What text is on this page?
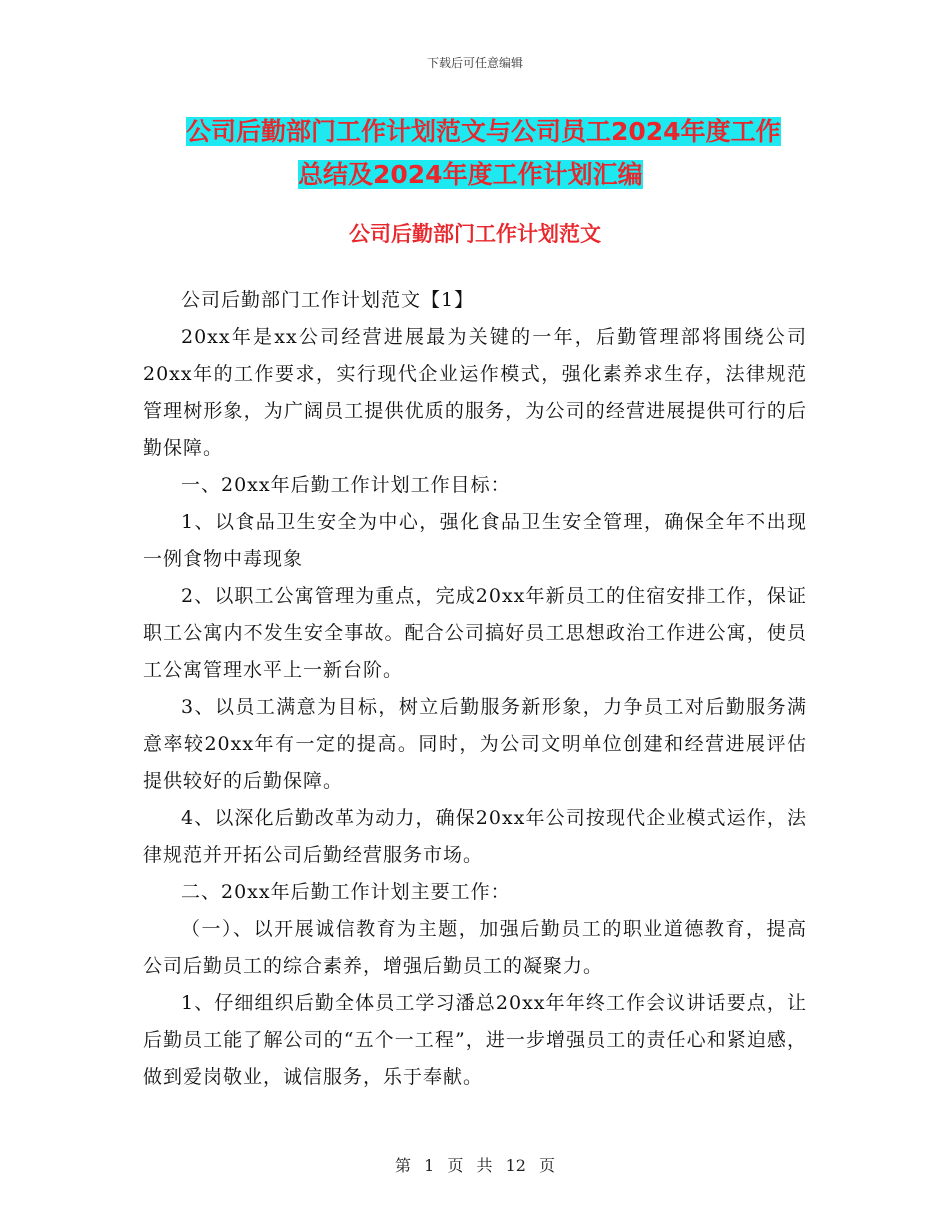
下载后可任意编辑
公司后勤部门工作计划范文与公司员工2024年度工作
总结及2024年度工作计划汇编
公司后勤部门工作计划范文

公司后勤部门工作计划范文【1】

20xx年是xx公司经营进展最为关键的一年，后勤管理部将围绕公司20xx年的工作要求，实行现代企业运作模式，强化素养求生存，法律规范管理树形象，为广阔员工提供优质的服务，为公司的经营进展提供可行的后勤保障。

一、20xx年后勤工作计划工作目标：

1、以食品卫生安全为中心，强化食品卫生安全管理，确保全年不出现一例食物中毒现象

2、以职工公寓管理为重点，完成20xx年新员工的住宿安排工作，保证职工公寓内不发生安全事故。配合公司搞好员工思想政治工作进公寓，使员工公寓管理水平上一新台阶。

3、以员工满意为目标，树立后勤服务新形象，力争员工对后勤服务满意率较20xx年有一定的提高。同时，为公司文明单位创建和经营进展评估提供较好的后勤保障。

4、以深化后勤改革为动力，确保20xx年公司按现代企业模式运作，法律规范并开拓公司后勤经营服务市场。

二、20xx年后勤工作计划主要工作：

（一）、以开展诚信教育为主题，加强后勤员工的职业道德教育，提高公司后勤员工的综合素养，增强后勤员工的凝聚力。

1、仔细组织后勤全体员工学习潘总20xx年年终工作会议讲话要点，让后勤员工能了解公司的“五个一工程”，进一步增强员工的责任心和紧迫感，做到爱岗敬业，诚信服务，乐于奉献。

第 1 页 共 12 页
